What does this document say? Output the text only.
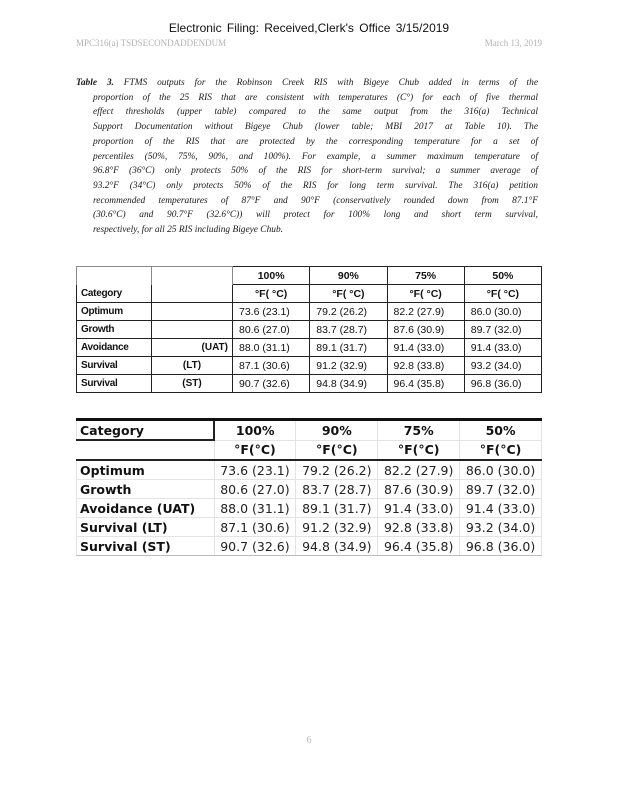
Electronic Filing: Received,Clerk's Office 3/15/2019
MPC316(a) TSDSECONDADDENDUM	March 13, 2019
Table 3. FTMS outputs for the Robinson Creek RIS with Bigeye Chub added in terms of the
proportion of the 25 RIS that are consistent with temperatures (C°) for each of five thermal
effect thresholds (upper table) compared to the same output from the 316(a) Technical
Support Documentation without Bigeye Chub (lower table; MBI 2017 at Table 10). The
proportion of the RIS that are protected by the corresponding temperature for a set of
percentiles (50%, 75%, 90%, and 100%). For example, a summer maximum temperature of
96.8°F (36°C) only protects 50% of the RIS for short-term survival; a summer average of
93.2°F (34°C) only protects 50% of the RIS for long term survival. The 316(a) petition
recommended temperatures of 87°F and 90°F (conservatively rounded down from 87.1°F
(30.6°C) and 90.7°F (32.6°C)) will protect for 100% long and short term survival,
respectively, for all 25 RIS including Bigeye Chub.
		100%	90%	75%	50%
Category		°F( °C)	°F( °C)	°F( °C)	°F( °C)
Optimum		73.6 (23.1)	79.2 (26.2)	82.2 (27.9)	86.0 (30.0)
Growth		80.6 (27.0)	83.7 (28.7)	87.6 (30.9)	89.7 (32.0)
Avoidance	(UAT)	88.0 (31.1)	89.1 (31.7)	91.4 (33.0)	91.4 (33.0)
Survival	(LT)	87.1 (30.6)	91.2 (32.9)	92.8 (33.8)	93.2 (34.0)
Survival	(ST)	90.7 (32.6)	94.8 (34.9)	96.4 (35.8)	96.8 (36.0)
Category	100%	90%	75%	50%
	°F(°C)	°F(°C)	°F(°C)	°F(°C)
Optimum	73.6 (23.1)	79.2 (26.2)	82.2 (27.9)	86.0 (30.0)
Growth	80.6 (27.0)	83.7 (28.7)	87.6 (30.9)	89.7 (32.0)
Avoidance (UAT)	88.0 (31.1)	89.1 (31.7)	91.4 (33.0)	91.4 (33.0)
Survival (LT)	87.1 (30.6)	91.2 (32.9)	92.8 (33.8)	93.2 (34.0)
Survival (ST)	90.7 (32.6)	94.8 (34.9)	96.4 (35.8)	96.8 (36.0)
6
